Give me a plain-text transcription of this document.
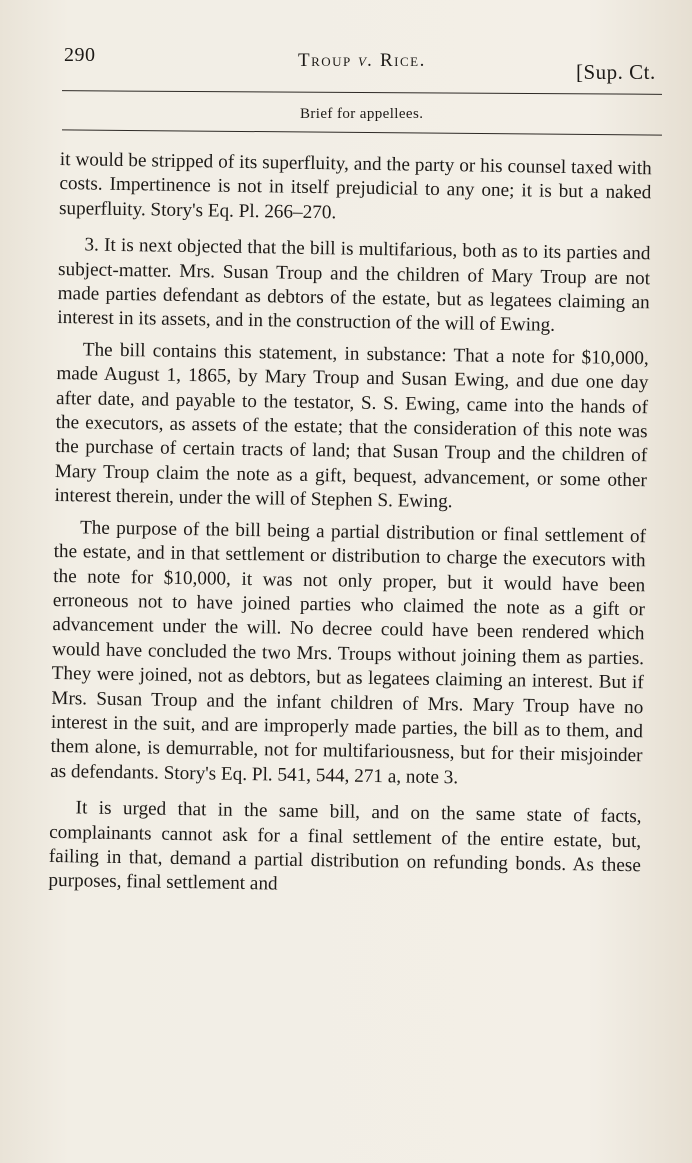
290	Troup v. Rice.	[Sup. Ct.
Brief for appellees.

it would be stripped of its superfluity, and the party or his counsel taxed with costs. Impertinence is not in itself prejudicial to any one; it is but a naked superfluity. Story's Eq. Pl. 266–270.

3. It is next objected that the bill is multifarious, both as to its parties and subject-matter. Mrs. Susan Troup and the children of Mary Troup are not made parties defendant as debtors of the estate, but as legatees claiming an interest in its assets, and in the construction of the will of Ewing.

The bill contains this statement, in substance: That a note for $10,000, made August 1, 1865, by Mary Troup and Susan Ewing, and due one day after date, and payable to the testator, S. S. Ewing, came into the hands of the executors, as assets of the estate; that the consideration of this note was the purchase of certain tracts of land; that Susan Troup and the children of Mary Troup claim the note as a gift, bequest, advancement, or some other interest therein, under the will of Stephen S. Ewing.

The purpose of the bill being a partial distribution or final settlement of the estate, and in that settlement or distribution to charge the executors with the note for $10,000, it was not only proper, but it would have been erroneous not to have joined parties who claimed the note as a gift or advancement under the will. No decree could have been rendered which would have concluded the two Mrs. Troups without joining them as parties. They were joined, not as debtors, but as legatees claiming an interest. But if Mrs. Susan Troup and the infant children of Mrs. Mary Troup have no interest in the suit, and are improperly made parties, the bill as to them, and them alone, is demurrable, not for multifariousness, but for their misjoinder as defendants. Story's Eq. Pl. 541, 544, 271 a, note 3.

It is urged that in the same bill, and on the same state of facts, complainants cannot ask for a final settlement of the entire estate, but, failing in that, demand a partial distribution on refunding bonds. As these purposes, final settlement and
